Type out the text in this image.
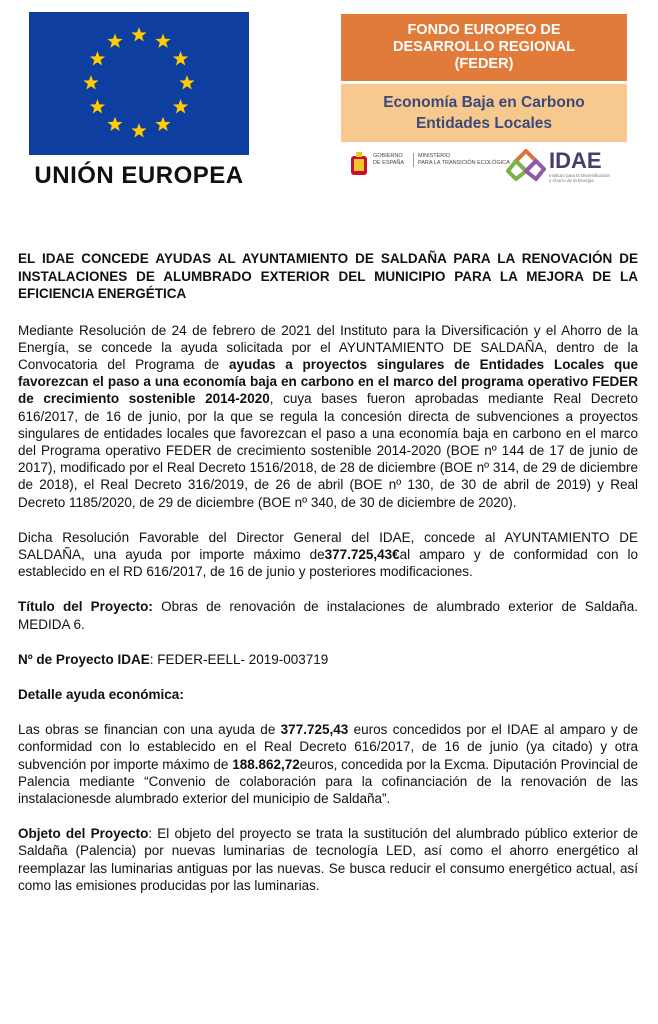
UNIÓN EUROPEA
FONDO EUROPEO DE
DESARROLLO REGIONAL
(FEDER)
Economía Baja en Carbono
Entidades Locales
GOBIERNO
DE ESPAÑA
MINISTERIO
PARA LA TRANSICIÓN ECOLÓGICA IDAE
Instituto para la Diversificación
y Ahorro de la Energía

EL IDAE CONCEDE AYUDAS AL AYUNTAMIENTO DE SALDAÑA PARA LA RENOVACIÓN DE INSTALACIONES DE ALUMBRADO EXTERIOR DEL MUNICIPIO PARA LA MEJORA DE LA EFICIENCIA ENERGÉTICA

Mediante Resolución de 24 de febrero de 2021 del Instituto para la Diversificación y el Ahorro de la Energía, se concede la ayuda solicitada por el AYUNTAMIENTO DE SALDAÑA, dentro de la Convocatoria del Programa de ayudas a proyectos singulares de Entidades Locales que favorezcan el paso a una economía baja en carbono en el marco del programa operativo FEDER de crecimiento sostenible 2014-2020, cuya bases fueron aprobadas mediante Real Decreto 616/2017, de 16 de junio, por la que se regula la concesión directa de subvenciones a proyectos singulares de entidades locales que favorezcan el paso a una economía baja en carbono en el marco del Programa operativo FEDER de crecimiento sostenible 2014-2020 (BOE nº 144 de 17 de junio de 2017), modificado por el Real Decreto 1516/2018, de 28 de diciembre (BOE nº 314, de 29 de diciembre de 2018), el Real Decreto 316/2019, de 26 de abril (BOE nº 130, de 30 de abril de 2019) y Real Decreto 1185/2020, de 29 de diciembre (BOE nº 340, de 30 de diciembre de 2020).

Dicha Resolución Favorable del Director General del IDAE, concede al AYUNTAMIENTO DE SALDAÑA, una ayuda por importe máximo de377.725,43€al amparo y de conformidad con lo establecido en el RD 616/2017, de 16 de junio y posteriores modificaciones.

Título del Proyecto: Obras de renovación de instalaciones de alumbrado exterior de Saldaña. MEDIDA 6.

Nº de Proyecto IDAE: FEDER-EELL- 2019-003719

Detalle ayuda económica:

Las obras se financian con una ayuda de 377.725,43 euros concedidos por el IDAE al amparo y de conformidad con lo establecido en el Real Decreto 616/2017, de 16 de junio (ya citado) y otra subvención por importe máximo de 188.862,72euros, concedida por la Excma. Diputación Provincial de Palencia mediante “Convenio de colaboración para la cofinanciación de la renovación de las instalacionesde alumbrado exterior del municipio de Saldaña”.

Objeto del Proyecto: El objeto del proyecto se trata la sustitución del alumbrado público exterior de Saldaña (Palencia) por nuevas luminarias de tecnología LED, así como el ahorro energético al reemplazar las luminarias antiguas por las nuevas. Se busca reducir el consumo energético actual, así como las emisiones producidas por las luminarias.
